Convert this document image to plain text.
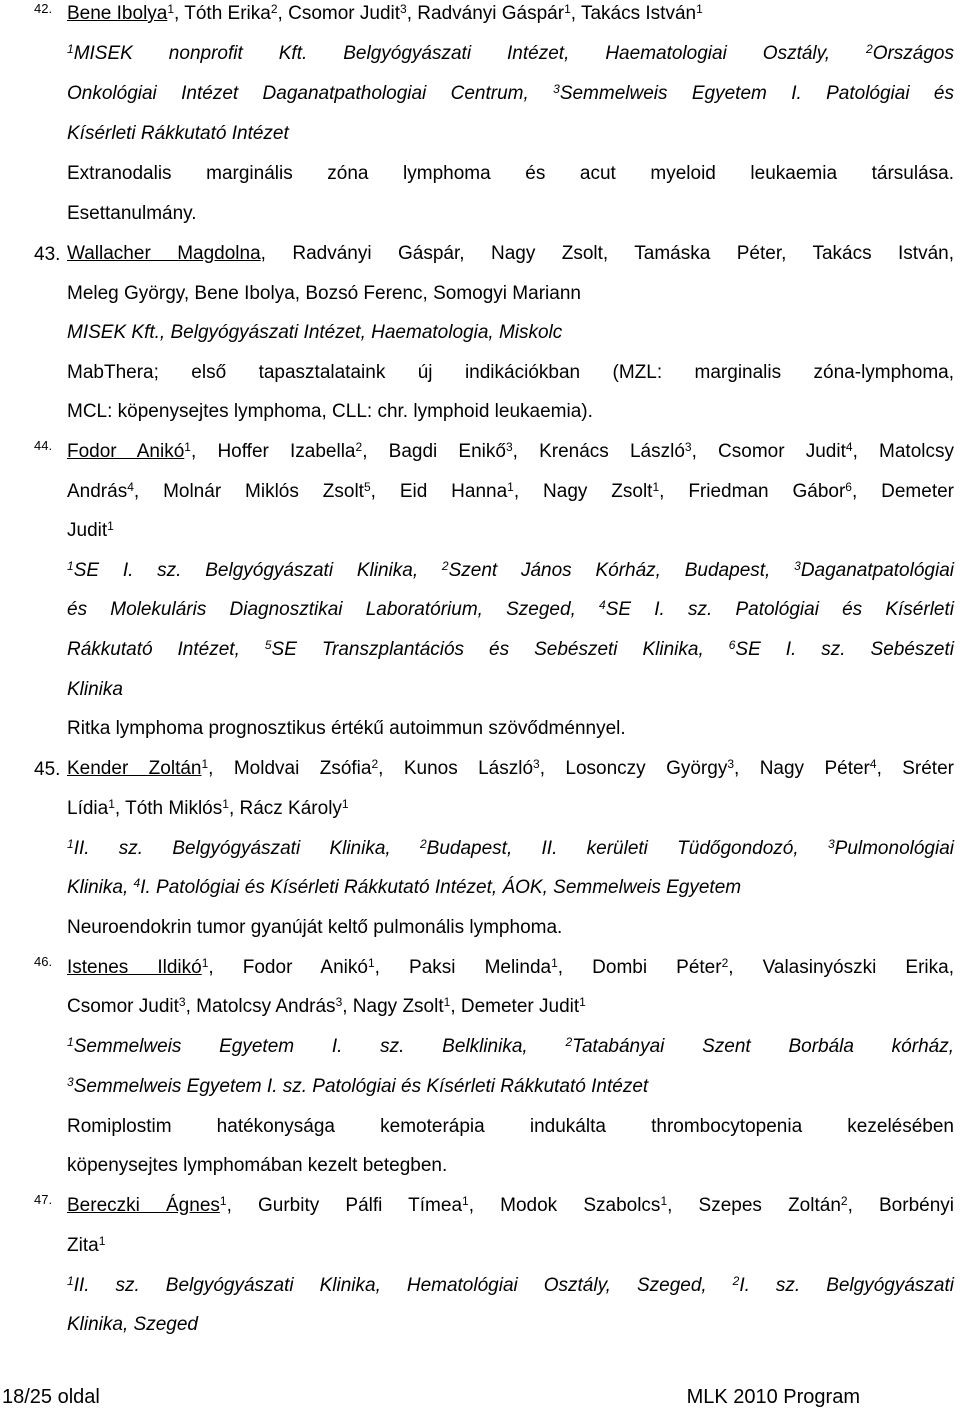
42. Bene Ibolya$^1$, Tóth Erika$^2$, Csomor Judit$^3$, Radványi Gáspár$^1$, Takács István$^1$
$^1$MISEK nonprofit Kft. Belgyógyászati Intézet, Haematologiai Osztály, $^2$Országos
Onkológiai Intézet Daganatpathologiai Centrum, $^3$Semmelweis Egyetem I. Patológiai és
Kísérleti Rákkutató Intézet
Extranodalis marginális zóna lymphoma és acut myeloid leukaemia társulása.
Esettanulmány.
43. Wallacher Magdolna, Radványi Gáspár, Nagy Zsolt, Tamáska Péter, Takács István,
Meleg György, Bene Ibolya, Bozsó Ferenc, Somogyi Mariann
MISEK Kft., Belgyógyászati Intézet, Haematologia, Miskolc
MabThera; első tapasztalataink új indikációkban (MZL: marginalis zóna-lymphoma,
MCL: köpenysejtes lymphoma, CLL: chr. lymphoid leukaemia).
44. Fodor Anikó$^1$, Hoffer Izabella$^2$, Bagdi Enikő$^3$, Krenács László$^3$, Csomor Judit$^4$, Matolcsy
András$^4$, Molnár Miklós Zsolt$^5$, Eid Hanna$^1$, Nagy Zsolt$^1$, Friedman Gábor$^6$, Demeter
Judit$^1$
$^1$SE I. sz. Belgyógyászati Klinika, $^2$Szent János Kórház, Budapest, $^3$Daganatpatológiai
és Molekuláris Diagnosztikai Laboratórium, Szeged, $^4$SE I. sz. Patológiai és Kísérleti
Rákkutató Intézet, $^5$SE Transzplantációs és Sebészeti Klinika, $^6$SE I. sz. Sebészeti
Klinika
Ritka lymphoma prognosztikus értékű autoimmun szövődménnyel.
45. Kender Zoltán$^1$, Moldvai Zsófia$^2$, Kunos László$^3$, Losonczy György$^3$, Nagy Péter$^4$, Sréter
Lídia$^1$, Tóth Miklós$^1$, Rácz Károly$^1$
$^1$II. sz. Belgyógyászati Klinika, $^2$Budapest, II. kerületi Tüdőgondozó, $^3$Pulmonológiai
Klinika, $^4$I. Patológiai és Kísérleti Rákkutató Intézet, ÁOK, Semmelweis Egyetem
Neuroendokrin tumor gyanúját keltő pulmonális lymphoma.
46. Istenes Ildikó$^1$, Fodor Anikó$^1$, Paksi Melinda$^1$, Dombi Péter$^2$, Valasinyószki Erika,
Csomor Judit$^3$, Matolcsy András$^3$, Nagy Zsolt$^1$, Demeter Judit$^1$
$^1$Semmelweis Egyetem I. sz. Belklinika, $^2$Tatabányai Szent Borbála kórház,
$^3$Semmelweis Egyetem I. sz. Patológiai és Kísérleti Rákkutató Intézet
Romiplostim hatékonysága kemoterápia indukálta thrombocytopenia kezelésében
köpenysejtes lymphomában kezelt betegben.
47. Bereczki Ágnes$^1$, Gurbity Pálfi Tímea$^1$, Modok Szabolcs$^1$, Szepes Zoltán$^2$, Borbényi
Zita$^1$
$^1$II. sz. Belgyógyászati Klinika, Hematológiai Osztály, Szeged, $^2$I. sz. Belgyógyászati
Klinika, Szeged
18/25 oldal	MLK 2010 Program
